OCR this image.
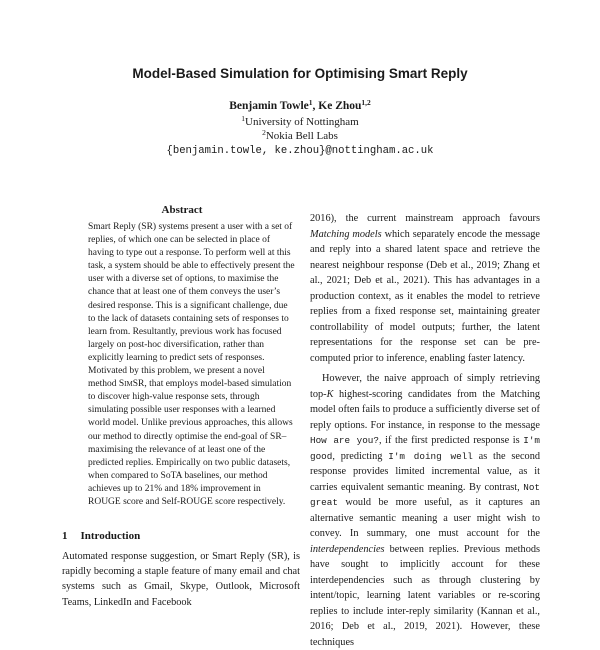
Model-Based Simulation for Optimising Smart Reply
Benjamin Towle$^1$, Ke Zhou$^{1,2}$
$^1$University of Nottingham
$^2$Nokia Bell Labs
{benjamin.towle, ke.zhou}@nottingham.ac.uk
Abstract

Smart Reply (SR) systems present a user with a set of replies, of which one can be selected in place of having to type out a response. To perform well at this task, a system should be able to effectively present the user with a diverse set of options, to maximise the chance that at least one of them conveys the user’s desired response. This is a significant challenge, due to the lack of datasets containing sets of responses to learn from. Resultantly, previous work has focused largely on post-hoc diversification, rather than explicitly learning to predict sets of responses. Motivated by this problem, we present a novel method SimSR, that employs model-based simulation to discover high-value response sets, through simulating possible user responses with a learned world model. Unlike previous approaches, this allows our method to directly optimise the end-goal of SR–maximising the relevance of at least one of the predicted replies. Empirically on two public datasets, when compared to SoTA baselines, our method achieves up to 21% and 18% improvement in ROUGE score and Self-ROUGE score respectively.

1 Introduction

Automated response suggestion, or Smart Reply (SR), is rapidly becoming a staple feature of many email and chat systems such as Gmail, Skype, Outlook, Microsoft Teams, LinkedIn and Facebook

2016), the current mainstream approach favours Matching models which separately encode the message and reply into a shared latent space and retrieve the nearest neighbour response (Deb et al., 2019; Zhang et al., 2021; Deb et al., 2021). This has advantages in a production context, as it enables the model to retrieve replies from a fixed response set, maintaining greater controllability of model outputs; further, the latent representations for the response set can be pre-computed prior to inference, enabling faster latency.

However, the naive approach of simply retrieving top-K highest-scoring candidates from the Matching model often fails to produce a sufficiently diverse set of reply options. For instance, in response to the message How are you?, if the first predicted response is I'm good, predicting I'm doing well as the second response provides limited incremental value, as it carries equivalent semantic meaning. By contrast, Not great would be more useful, as it captures an alternative semantic meaning a user might wish to convey. In summary, one must account for the interdependencies between replies. Previous methods have sought to implicitly account for these interdependencies such as through clustering by intent/topic, learning latent variables or re-scoring replies to include inter-reply similarity (Kannan et al., 2016; Deb et al., 2019, 2021). However, these techniques
